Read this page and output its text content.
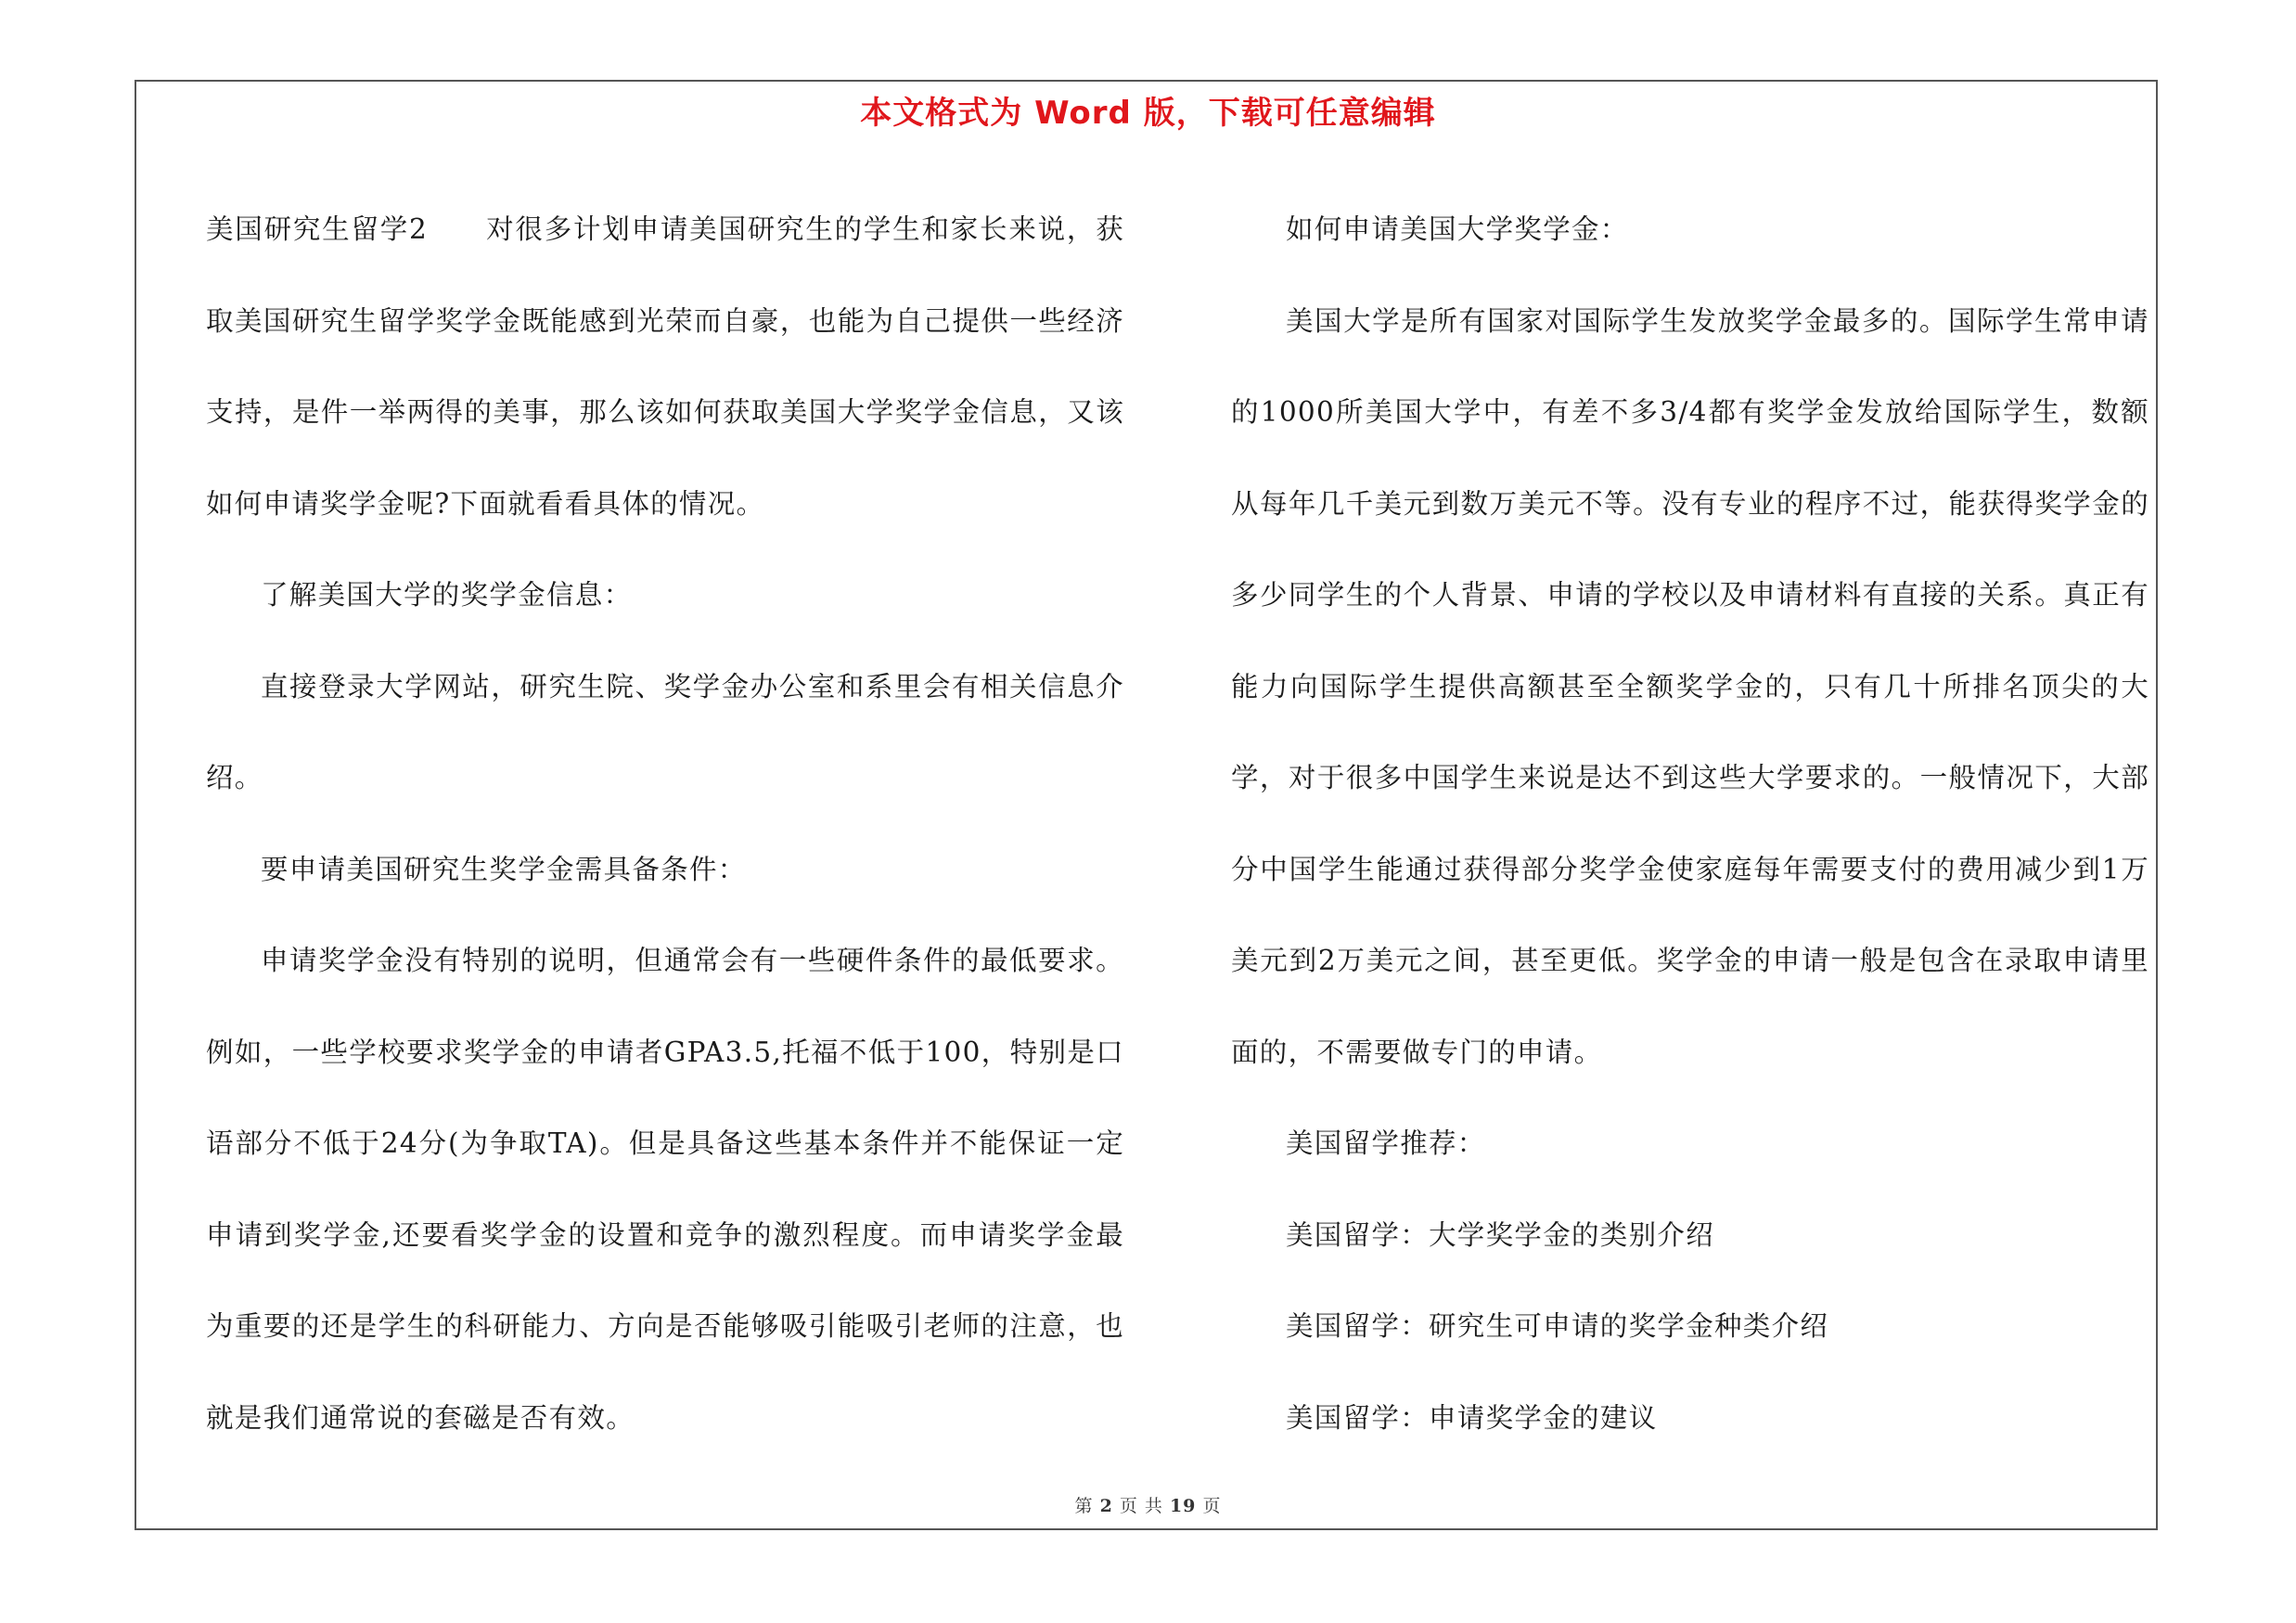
本文格式为 Word 版，下载可任意编辑

美国研究生留学2　　对很多计划申请美国研究生的学生和家长来说，获取美国研究生留学奖学金既能感到光荣而自豪，也能为自己提供一些经济支持，是件一举两得的美事，那么该如何获取美国大学奖学金信息，又该如何申请奖学金呢?下面就看看具体的情况。

了解美国大学的奖学金信息：

直接登录大学网站，研究生院、奖学金办公室和系里会有相关信息介绍。

要申请美国研究生奖学金需具备条件：

申请奖学金没有特别的说明，但通常会有一些硬件条件的最低要求。例如，一些学校要求奖学金的申请者GPA3.5,托福不低于100，特别是口语部分不低于24分(为争取TA)。但是具备这些基本条件并不能保证一定申请到奖学金,还要看奖学金的设置和竞争的激烈程度。而申请奖学金最为重要的还是学生的科研能力、方向是否能够吸引能吸引老师的注意，也就是我们通常说的套磁是否有效。

如何申请美国大学奖学金：

美国大学是所有国家对国际学生发放奖学金最多的。国际学生常申请的1000所美国大学中，有差不多3/4都有奖学金发放给国际学生，数额从每年几千美元到数万美元不等。没有专业的程序不过，能获得奖学金的多少同学生的个人背景、申请的学校以及申请材料有直接的关系。真正有能力向国际学生提供高额甚至全额奖学金的，只有几十所排名顶尖的大学，对于很多中国学生来说是达不到这些大学要求的。一般情况下，大部分中国学生能通过获得部分奖学金使家庭每年需要支付的费用减少到1万美元到2万美元之间，甚至更低。奖学金的申请一般是包含在录取申请里面的，不需要做专门的申请。

美国留学推荐：

美国留学：大学奖学金的类别介绍

美国留学：研究生可申请的奖学金种类介绍

美国留学：申请奖学金的建议

第 2 页 共 19 页
